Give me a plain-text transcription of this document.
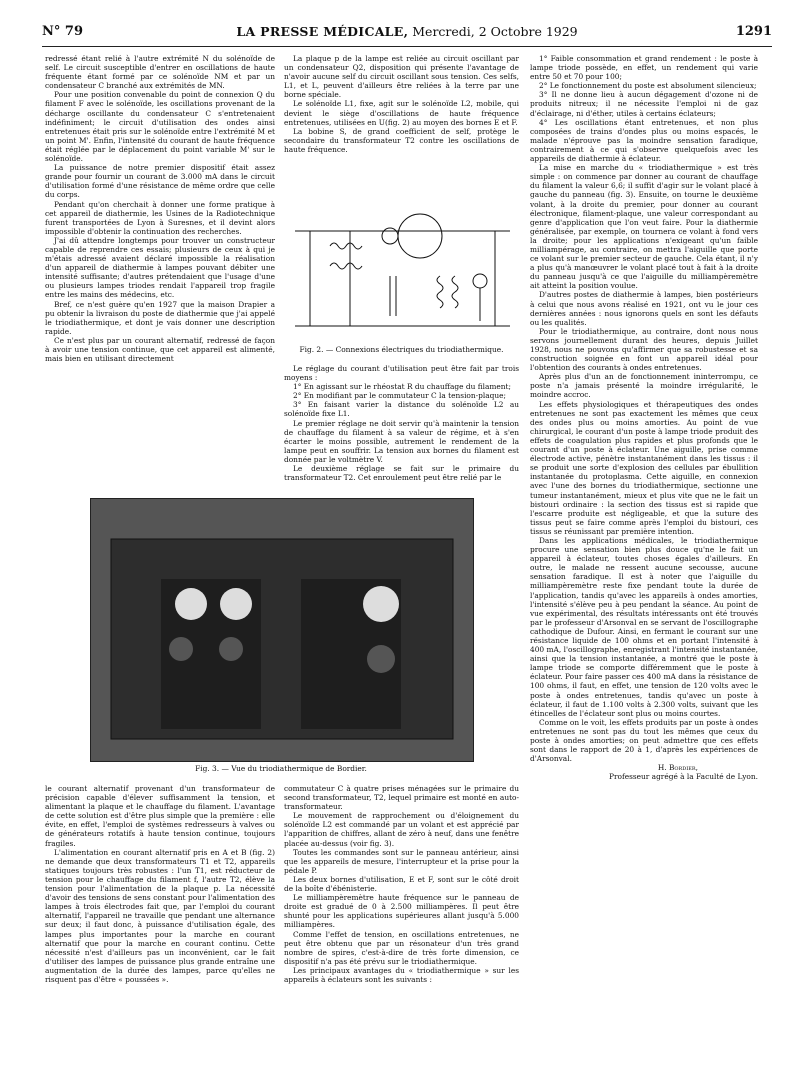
N° 79	LA PRESSE MÉDICALE, Mercredi, 2 Octobre 1929	1291

redressé étant relié à l'autre extrémité N du solénoïde de self. Le circuit susceptible d'entrer en oscillations de haute fréquente étant formé par ce solénoïde NM et par un condensateur C branché aux extrémités de MN.

Pour une position convenable du point de connexion Q du filament F avec le solénoïde, les oscillations provenant de la décharge oscillante du condensateur C s'entretenaient indéfiniment; le circuit d'utilisation des ondes ainsi entretenues était pris sur le solénoïde entre l'extrémité M et un point M'. Enfin, l'intensité du courant de haute fréquence était réglée par le déplacement du point variable M' sur le solénoïde.

La puissance de notre premier dispositif était assez grande pour fournir un courant de 3.000 mA dans le circuit d'utilisation formé d'une résistance de même ordre que celle du corps.

Pendant qu'on cherchait à donner une forme pratique à cet appareil de diathermie, les Usines de la Radiotechnique furent transportées de Lyon à Suresnes, et il devint alors impossible d'obtenir la continuation des recherches.

J'ai dû attendre longtemps pour trouver un constructeur capable de reprendre ces essais; plusieurs de ceux à qui je m'étais adressé avaient déclaré impossible la réalisation d'un appareil de diathermie à lampes pouvant débiter une intensité suffisante; d'autres prétendaient que l'usage d'une ou plusieurs lampes triodes rendait l'appareil trop fragile entre les mains des médecins, etc.

Bref, ce n'est guère qu'en 1927 que la maison Drapier a pu obtenir la livraison du poste de diathermie que j'ai appelé le triodiathermique, et dont je vais donner une description rapide.

Ce n'est plus par un courant alternatif, redressé de façon à avoir une tension continue, que cet appareil est alimenté, mais bien en utilisant directement

La plaque p de la lampe est reliée au circuit oscillant par un condensateur Q2, disposition qui présente l'avantage de n'avoir aucune self du circuit oscillant sous tension. Ces selfs, L1, et L, peuvent d'ailleurs être reliées à la terre par une borne spéciale.

Le solénoïde L1, fixe, agit sur le solénoïde L2, mobile, qui devient le siège d'oscillations de haute fréquence entretenues, utilisées en U(fig. 2) au moyen des bornes E et F.

La bobine S, de grand coefficient de self, protège le secondaire du transformateur T2 contre les oscillations de haute fréquence.

Fig. 2. — Connexions électriques du triodiathermique.

Le réglage du courant d'utilisation peut être fait par trois moyens :

1° En agissant sur le rhéostat R du chauffage du filament;

2° En modifiant par le commutateur C la tension-plaque;

3° En faisant varier la distance du solénoïde L2 au solénoïde fixe L1.

Le premier réglage ne doit servir qu'à maintenir la tension de chauffage du filament à sa valeur de régime, et à s'en écarter le moins possible, autrement le rendement de la lampe peut en souffrir. La tension aux bornes du filament est donnée par le voltmètre V.

Le deuxième réglage se fait sur le primaire du transformateur T2. Cet enroulement peut être relié par le

Fig. 3. — Vue du triodiathermique de Bordier.

le courant alternatif provenant d'un transformateur de précision capable d'élever suffisamment la tension, et alimentant la plaque et le chauffage du filament. L'avantage de cette solution est d'être plus simple que la première : elle évite, en effet, l'emploi de systèmes redresseurs à valves ou de générateurs rotatifs à haute tension continue, toujours fragiles.

L'alimentation en courant alternatif pris en A et B (fig. 2) ne demande que deux transformateurs T1 et T2, appareils statiques toujours très robustes : l'un T1, est réducteur de tension pour le chauffage du filament f, l'autre T2, élève la tension pour l'alimentation de la plaque p. La nécessité d'avoir des tensions de sens constant pour l'alimentation des lampes à trois électrodes fait que, par l'emploi du courant alternatif, l'appareil ne travaille que pendant une alternance sur deux; il faut donc, à puissance d'utilisation égale, des lampes plus importantes pour la marche en courant alternatif que pour la marche en courant continu. Cette nécessité n'est d'ailleurs pas un inconvénient, car le fait d'utiliser des lampes de puissance plus grande entraîne une augmentation de la durée des lampes, parce qu'elles ne risquent pas d'être « poussées ».

commutateur C à quatre prises ménagées sur le primaire du second transformateur, T2, lequel primaire est monté en auto-transformateur.

Le mouvement de rapprochement ou d'éloignement du solénoïde L2 est commandé par un volant et est apprécié par l'apparition de chiffres, allant de zéro à neuf, dans une fenêtre placée au-dessus (voir fig. 3).

Toutes les commandes sont sur le panneau antérieur, ainsi que les appareils de mesure, l'interrupteur et la prise pour la pédale P.

Les deux bornes d'utilisation, E et F, sont sur le côté droit de la boîte d'ébénisterie.

Le milliampèremètre haute fréquence sur le panneau de droite est gradué de 0 à 2.500 milliampères. Il peut être shunté pour les applications supérieures allant jusqu'à 5.000 milliampères.

Comme l'effet de tension, en oscillations entretenues, ne peut être obtenu que par un résonateur d'un très grand nombre de spires, c'est-à-dire de très forte dimension, ce dispositif n'a pas été prévu sur le triodiathermique.

Les principaux avantages du « triodiathermique » sur les appareils à éclateurs sont les suivants :

1° Faible consommation et grand rendement : le poste à lampe triode possède, en effet, un rendement qui varie entre 50 et 70 pour 100;

2° Le fonctionnement du poste est absolument silencieux;

3° Il ne donne lieu à aucun dégagement d'ozone ni de produits nitreux; il ne nécessite l'emploi ni de gaz d'éclairage, ni d'éther, utiles à certains éclateurs;

4° Les oscillations étant entretenues, et non plus composées de trains d'ondes plus ou moins espacés, le malade n'éprouve pas la moindre sensation faradique, contrairement à ce qui s'observe quelquefois avec les appareils de diathermie à éclateur.

La mise en marche du « triodiathermique » est très simple : on commence par donner au courant de chauffage du filament la valeur 6,6; il suffit d'agir sur le volant placé à gauche du panneau (fig. 3). Ensuite, on tourne le deuxième volant, à la droite du premier, pour donner au courant électronique, filament-plaque, une valeur correspondant au genre d'application que l'on veut faire. Pour la diathermie généralisée, par exemple, on tournera ce volant à fond vers la droite; pour les applications n'exigeant qu'un faible milliampérage, au contraire, on mettra l'aiguille que porte ce volant sur le premier secteur de gauche. Cela étant, il n'y a plus qu'à manœuvrer le volant placé tout à fait à la droite du panneau jusqu'à ce que l'aiguille du milliampèremètre ait atteint la position voulue.

D'autres postes de diathermie à lampes, bien postérieurs à celui que nous avons réalisé en 1921, ont vu le jour ces dernières années : nous ignorons quels en sont les défauts ou les qualités.

Pour le triodiathermique, au contraire, dont nous nous servons journellement durant des heures, depuis Juillet 1928, nous ne pouvons qu'affirmer que sa robustesse et sa construction soignée en font un appareil idéal pour l'obtention des courants à ondes entretenues.

Après plus d'un an de fonctionnement ininterrompu, ce poste n'a jamais présenté la moindre irrégularité, le moindre accroc.

Les effets physiologiques et thérapeutiques des ondes entretenues ne sont pas exactement les mêmes que ceux des ondes plus ou moins amorties. Au point de vue chirurgical, le courant d'un poste à lampe triode produit des effets de coagulation plus rapides et plus profonds que le courant d'un poste à éclateur. Une aiguille, prise comme électrode active, pénètre instantanément dans les tissus : il se produit une sorte d'explosion des cellules par ébullition instantanée du protoplasma. Cette aiguille, en connexion avec l'une des bornes du triodiathermique, sectionne une tumeur instantanément, mieux et plus vite que ne le fait un bistouri ordinaire : la section des tissus est si rapide que l'escarre produite est négligeable, et que la suture des tissus peut se faire comme après l'emploi du bistouri, ces tissus se réunissant par première intention.

Dans les applications médicales, le triodiathermique procure une sensation bien plus douce qu'ne le fait un appareil à éclateur, toutes choses égales d'ailleurs. En outre, le malade ne ressent aucune secousse, aucune sensation faradique. Il est à noter que l'aiguille du milliampèremètre reste fixe pendant toute la durée de l'application, tandis qu'avec les appareils à ondes amorties, l'intensité s'élève peu à peu pendant la séance. Au point de vue expérimental, des résultats intéressants ont été trouvés par le professeur d'Arsonval en se servant de l'oscillographe cathodique de Dufour. Ainsi, en fermant le courant sur une résistance liquide de 100 ohms et en portant l'intensité à 400 mA, l'oscillographe, enregistrant l'intensité instantanée, ainsi que la tension instantanée, a montré que le poste à lampe triode se comporte différemment que le poste à éclateur. Pour faire passer ces 400 mA dans la résistance de 100 ohms, il faut, en effet, une tension de 120 volts avec le poste à ondes entretenues, tandis qu'avec un poste à éclateur, il faut de 1.100 volts à 2.300 volts, suivant que les étincelles de l'éclateur sont plus ou moins courtes.

Comme on le voit, les effets produits par un poste à ondes entretenues ne sont pas du tout les mêmes que ceux du poste à ondes amorties; on peut admettre que ces effets sont dans le rapport de 20 à 1, d'après les expériences de d'Arsonval.

H. Bordier,
Professeur agrégé à la Faculté de Lyon.
